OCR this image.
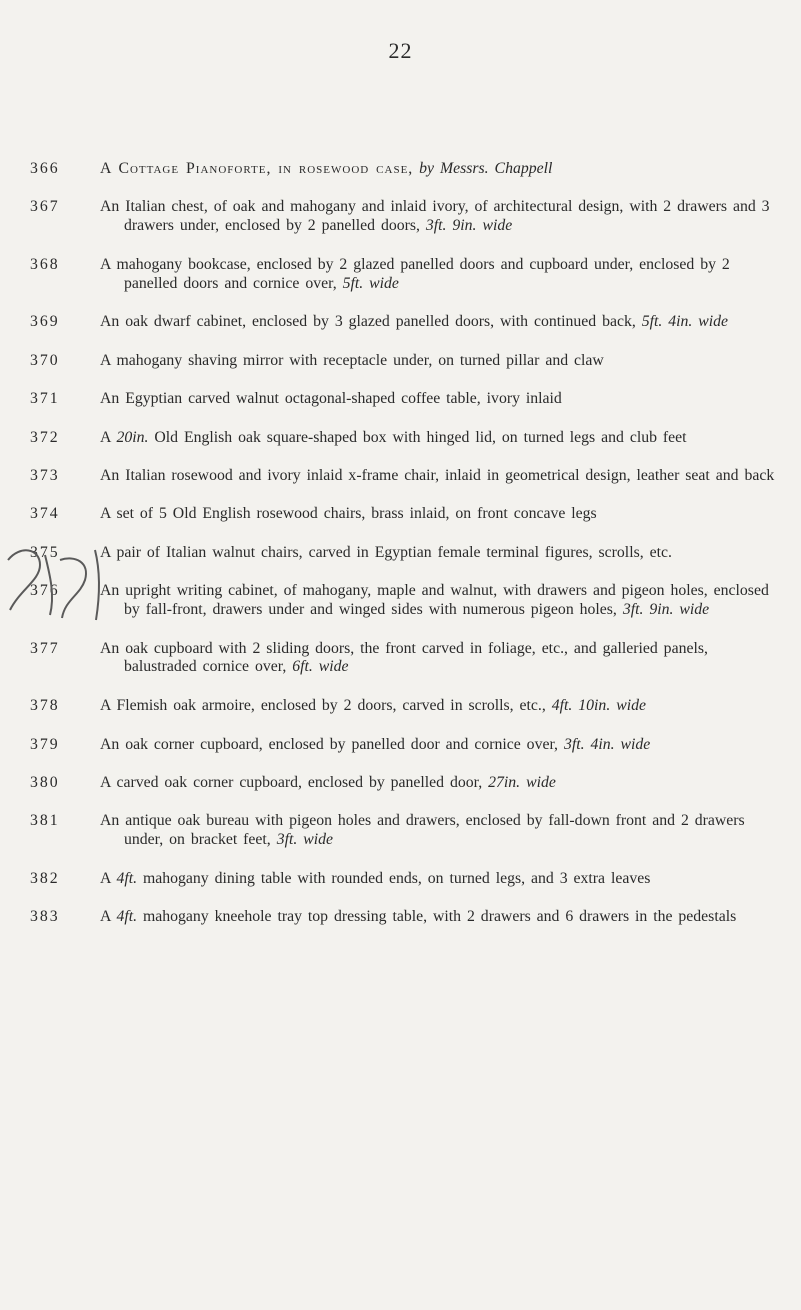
22
366	A Cottage Pianoforte, in rosewood case, by Messrs. Chappell
367	An Italian chest, of oak and mahogany and inlaid ivory, of architectural design, with 2 drawers and 3 drawers under, enclosed by 2 panelled doors, 3ft. 9in. wide
368	A mahogany bookcase, enclosed by 2 glazed panelled doors and cupboard under, enclosed by 2 panelled doors and cornice over, 5ft. wide
369	An oak dwarf cabinet, enclosed by 3 glazed panelled doors, with continued back, 5ft. 4in. wide
370	A mahogany shaving mirror with receptacle under, on turned pillar and claw
371	An Egyptian carved walnut octagonal-shaped coffee table, ivory inlaid
372	A 20in. Old English oak square-shaped box with hinged lid, on turned legs and club feet
373	An Italian rosewood and ivory inlaid x-frame chair, inlaid in geometrical design, leather seat and back
374	A set of 5 Old English rosewood chairs, brass inlaid, on front concave legs
375	A pair of Italian walnut chairs, carved in Egyptian female terminal figures, scrolls, etc.
376	An upright writing cabinet, of mahogany, maple and walnut, with drawers and pigeon holes, enclosed by fall-front, drawers under and winged sides with numerous pigeon holes, 3ft. 9in. wide
377	An oak cupboard with 2 sliding doors, the front carved in foliage, etc., and galleried panels, balustraded cornice over, 6ft. wide
378	A Flemish oak armoire, enclosed by 2 doors, carved in scrolls, etc., 4ft. 10in. wide
379	An oak corner cupboard, enclosed by panelled door and cornice over, 3ft. 4in. wide
380	A carved oak corner cupboard, enclosed by panelled door, 27in. wide
381	An antique oak bureau with pigeon holes and drawers, enclosed by fall-down front and 2 drawers under, on bracket feet, 3ft. wide
382	A 4ft. mahogany dining table with rounded ends, on turned legs, and 3 extra leaves
383	A 4ft. mahogany kneehole tray top dressing table, with 2 drawers and 6 drawers in the pedestals
